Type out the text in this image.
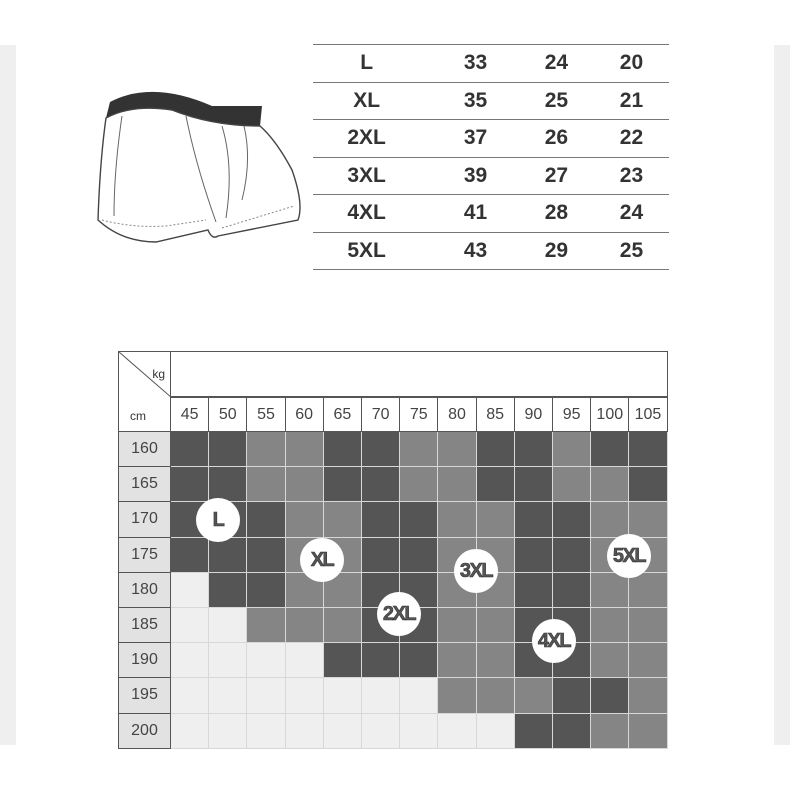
L	33	24	20
XL	35	25	21
2XL	37	26	22
3XL	39	27	23
4XL	41	28	24
5XL	43	29	25
kg
cm	45	50	55	60	65	70	75	80	85	90	95 100 105
160
165
170
175
180
185
190
195
200
L
XL
2XL
3XL
4XL
5XL
